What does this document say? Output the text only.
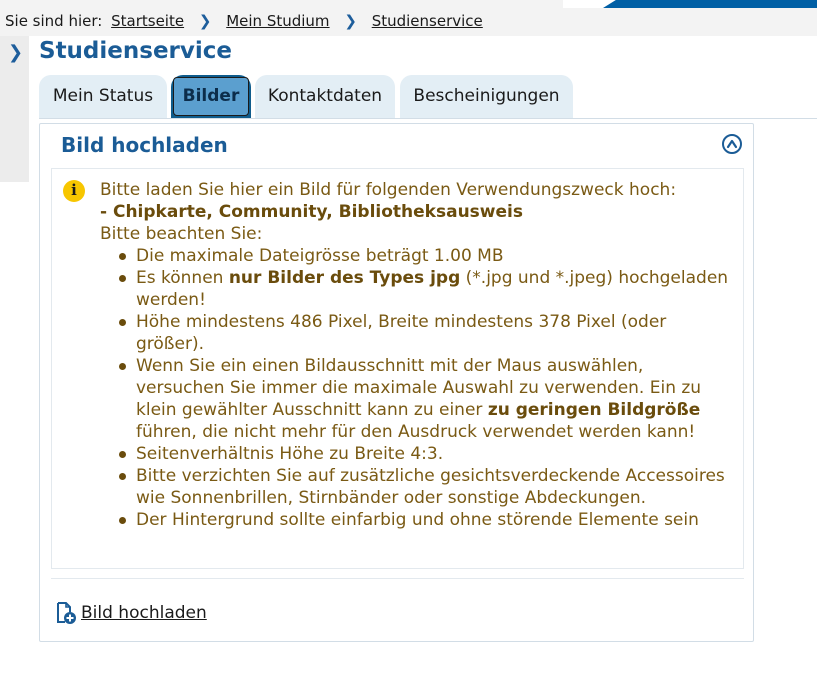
Sie sind hier: Startseite ❯ Mein Studium ❯ Studienservice
❯ Studienservice
Mein Status	Bilder	Kontaktdaten	Bescheinigungen
Bild hochladen
i	Bitte laden Sie hier ein Bild für folgenden Verwendungszweck hoch:
- Chipkarte, Community, Bibliotheksausweis
Bitte beachten Sie:
Die maximale Dateigrösse beträgt 1.00 MB
Es können nur Bilder des Types jpg (*.jpg und *.jpeg) hochgeladen werden!
Höhe mindestens 486 Pixel, Breite mindestens 378 Pixel (oder größer).
Wenn Sie ein einen Bildausschnitt mit der Maus auswählen, versuchen Sie immer die maximale Auswahl zu verwenden. Ein zu klein gewählter Ausschnitt kann zu einer zu geringen Bildgröße führen, die nicht mehr für den Ausdruck verwendet werden kann!
Seitenverhältnis Höhe zu Breite 4:3.
Bitte verzichten Sie auf zusätzliche gesichtsverdeckende Accessoires wie Sonnenbrillen, Stirnbänder oder sonstige Abdeckungen.
Der Hintergrund sollte einfarbig und ohne störende Elemente sein
Bild hochladen
